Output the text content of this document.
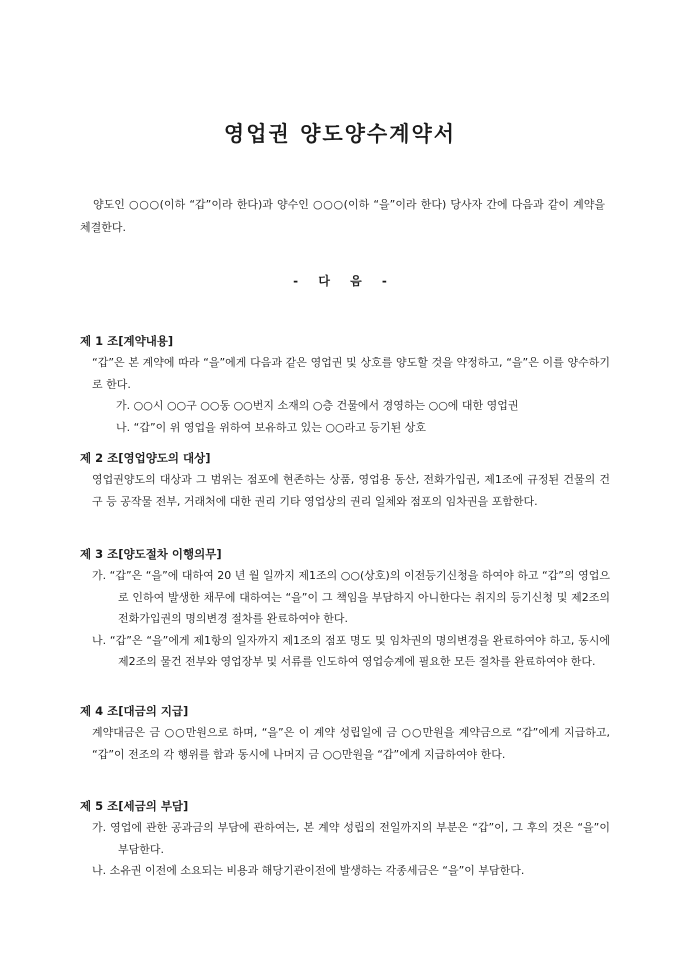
영업권 양도양수계약서
양도인 ○○○(이하 “갑”이라 한다)과 양수인 ○○○(이하 “을”이라 한다) 당사자 간에 다음과 같이 계약을 체결한다.
- 다 음 -
제 1 조[계약내용]
“갑”은 본 계약에 따라 “을”에게 다음과 같은 영업권 및 상호를 양도할 것을 약정하고, “을”은 이를 양수하기로 한다.
가. ○○시 ○○구 ○○동 ○○번지 소재의 ○층 건물에서 경영하는 ○○에 대한 영업권
나. “갑”이 위 영업을 위하여 보유하고 있는 ○○라고 등기된 상호
제 2 조[영업양도의 대상]
영업권양도의 대상과 그 범위는 점포에 현존하는 상품, 영업용 동산, 전화가입권, 제1조에 규정된 건물의 건구 등 공작물 전부, 거래처에 대한 권리 기타 영업상의 권리 일체와 점포의 임차권을 포함한다.
제 3 조[양도절차 이행의무]
가. “갑”은 “을”에 대하여 20 년 월 일까지 제1조의 ○○(상호)의 이전등기신청을 하여야 하고 “갑”의 영업으로 인하여 발생한 채무에 대하여는 “을”이 그 책임을 부담하지 아니한다는 취지의 등기신청 및 제2조의 전화가입권의 명의변경 절차를 완료하여야 한다.
나. “갑”은 “을”에게 제1항의 일자까지 제1조의 점포 명도 및 임차권의 명의변경을 완료하여야 하고, 동시에 제2조의 물건 전부와 영업장부 및 서류를 인도하여 영업승계에 필요한 모든 절차를 완료하여야 한다.
제 4 조[대금의 지급]
계약대금은 금 ○○만원으로 하며, “을”은 이 계약 성립일에 금 ○○만원을 계약금으로 “갑”에게 지급하고, “갑”이 전조의 각 행위를 함과 동시에 나머지 금 ○○만원을 “갑”에게 지급하여야 한다.
제 5 조[세금의 부담]
가. 영업에 관한 공과금의 부담에 관하여는, 본 계약 성립의 전일까지의 부분은 “갑”이, 그 후의 것은 “을”이 부담한다.
나. 소유권 이전에 소요되는 비용과 해당기관이전에 발생하는 각종세금은 “을”이 부담한다.
